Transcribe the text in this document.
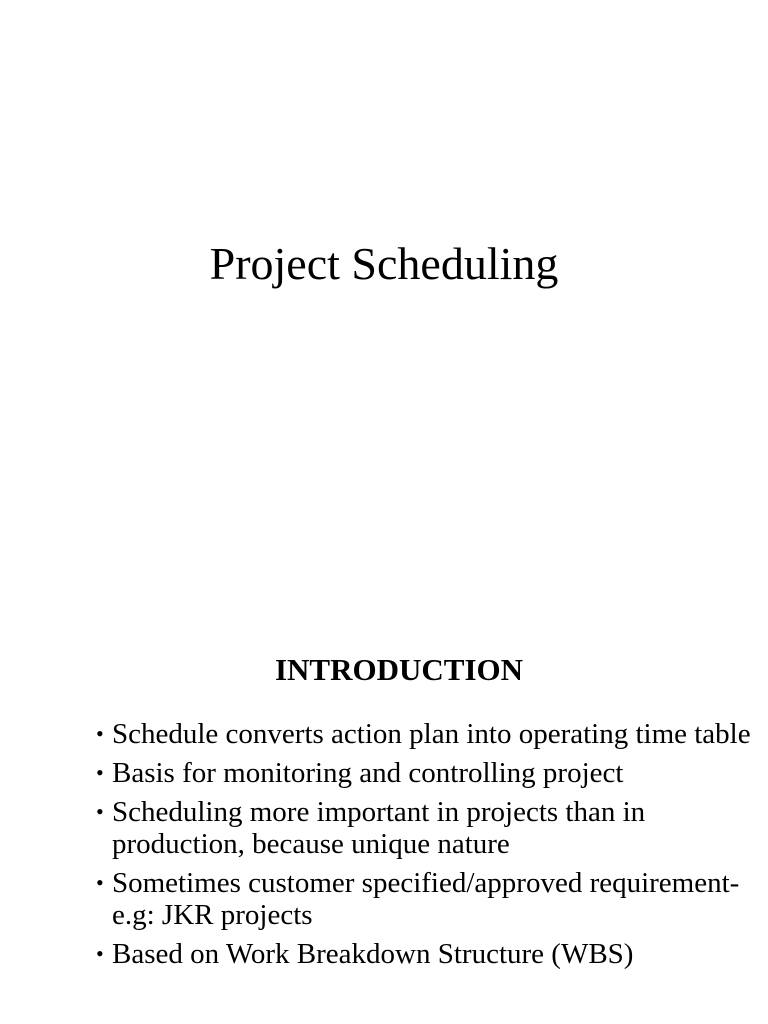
Project Scheduling
INTRODUCTION
• Schedule converts action plan into operating time table
• Basis for monitoring and controlling project
• Scheduling more important in projects than in production, because unique nature
• Sometimes customer specified/approved requirement-e.g: JKR projects
• Based on Work Breakdown Structure (WBS)
